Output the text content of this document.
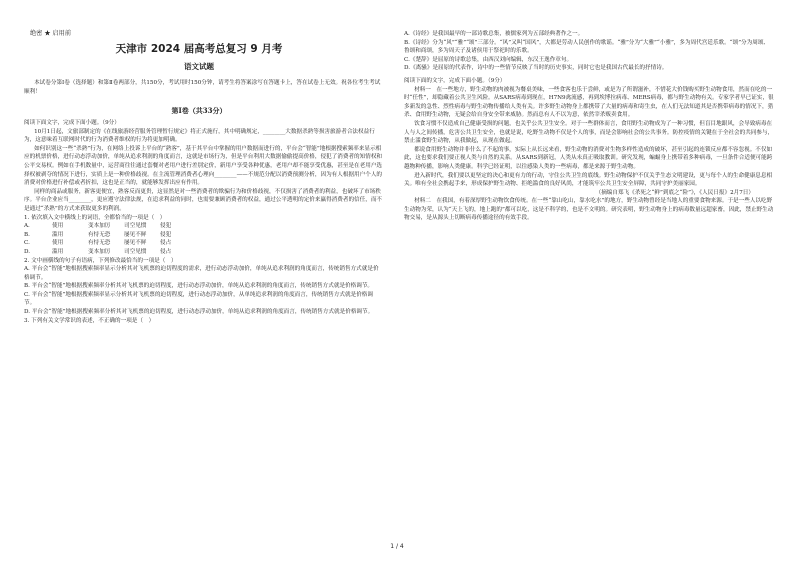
绝密 ★ 启用前
天津市 2024 届高考总复习 9 月考
语文试题

本试卷分第Ⅰ卷（选择题）和第Ⅱ卷两部分，共150分，考试用时150分钟，请考生将答案涂写在答题卡上，答在试卷上无效。祝各位考生考试顺利！

第Ⅰ卷（共33分）
阅读下面文字，完成下面小题。（9分）

10月1日起，文旅部制定的《在线旅游经营服务管理暂行规定》将正式施行，其中明确规定，________大数据杀熟等损害旅游者合法权益行为，这意味着互联网时代的行为消费者维权的行为将更加明确。

如何识别这一些“杀熟”行为，在网络上投诉上平台的“熟客”，基于其平台中掌握的用户数据而进行的，平台会“智能”地根据搜索频率来显示相应的机票价格，进行动态浮动加价，单纯从追求利润的角度而言，这就是市场行为，但是平台利用大数据偷偷提高价格，侵犯了消费者的知情权和公平交易权。例如在手机数量中，运营商往往通过套餐对老用户进行差别定价，新用户享受各种优惠，老用户却不能享受优惠，甚至是在老用户选择权被剥夺的情况下进行，实质上是一种价格歧视。在主流管理消费者心理向________——不规范分配以消费预测分析，因为有人根据用户个人的消费对价格进行补偿或者折扣，这也是正当的，就能够发挥出应有作用。

同样的商品或服务，新客更便宜，熟客反而更贵，这显然是对一些消费者的欺骗行为和价格歧视，不仅损害了消费者的利益，也破坏了市场秩序。平台企业应当________，更应遵守法律法规，在追求利益的同时，也需要兼顾消费者的权益，通过公平透明的定价来赢得消费者的信任，而不是通过“杀熟”的方式来获取更多的利润。

1. 依次填入文中横线上的词语，全都恰当的一项是（　）
A.	使用	变本加厉	司空见惯	侵犯
B.	滥用	有恃无恐	屡见不鲜	侵犯
C.	使用	有恃无恐	屡见不鲜	侵占
D.	滥用	变本加厉	司空见惯	侵占
2. 文中画横线的句子有语病，下列修改最恰当的一项是（　）
A. 平台会“智能”地根据搜索频率显示分析其对飞机票的迫切程度的需求，进行动态浮动加价，单纯从追求利润的角度而言，传统销售方式就是价格调节。
B. 平台会“智能”地根据搜索频率分析其对飞机票的迫切程度，进行动态浮动加价，单纯从追求利润的角度而言，传统销售方式就是价格调节。
C. 平台会“智能”地根据搜索频率显示分析其对飞机票的迫切程度，进行动态浮动加价，从单纯追求利润的角度而言，传统销售方式就是价格调节。
D. 平台会“智能”地根据搜索频率分析其对飞机票的迫切程度，进行动态浮动加价，单纯从追求利润的角度而言，传统销售方式就是价格调节。
3. 下列有关文学常识的表述，不正确的一项是（　）
A.《诗经》是我国最早的一部诗歌总集，被儒家列为五部经典著作之一。
B.《诗经》分为“风”“雅”“颂”三部分。“风”又叫“国风”，大都是劳动人民创作的歌谣。“雅”分为“大雅”“小雅”，多为周代宫廷乐歌。“颂”分为周颂、鲁颂和商颂，多为周天子及诸侯用于祭祀时的乐歌。
C.《楚辞》是屈原的诗歌总集，由西汉刘向编辑，东汉王逸作章句。
D.《离骚》是屈原的代表作，诗中的一些情节反映了当时的历史事实，同时它也是我国古代最长的抒情诗。
阅读下面的文字，完成下面小题。（9分）

材料一　在一些地方，野生动物的肉被视为餐桌美味，一些食客也乐于尝鲜，或是为了所谓滋补，不惜花大价钱购买野生动物食用，然而在吃的一时“任性”，却隐藏着公共卫生风险。从SARS病毒到现在，H7N9禽流感，再到埃博拉病毒、MERS病毒，都与野生动物有关。专家学者早已证实，很多新发的急性、烈性病毒与野生动物传播给人类有关。许多野生动物身上都携带了大量的病毒和寄生虫，在人们无法知道其是否携带病毒的情况下，猎杀、食用野生动物，无疑会给自身安全带来威胁。然而总有人不以为意，依然宰杀贩卖食用。

饮食习惯不仅造成自己健康受损的问题，也关乎公共卫生安全。对于一些群体而言，食用野生动物成为了一种习惯，但盲目地跟风，会导致病毒在人与人之间传播，危害公共卫生安全，也就是说，吃野生动物不仅是个人的事，而是会影响社会的公共事务。防控疫情的关键在于全社会的共同参与，禁止滥食野生动物，从我做起，从现在做起。

都说食用野生动物并非什么了不起的事，实际上从长远来看，野生动物的消费对生物多样性造成的破坏，甚至引起的连锁反应都不容忽视。不仅如此，这也要求我们要正视人类与自然的关系。从SARS到新冠，人类从未真正吸取教训。研究发现，蝙蝠身上携带着多种病毒，一旦条件合适便可能跨越物种传播，影响人类健康。科学已经证明，以往感染人类的一些病毒，都是来源于野生动物。

进入新时代，我们要以更坚定的决心和更有力的行动，守住公共卫生的底线。野生动物保护不仅关乎生态文明建设，更与每个人的生命健康息息相关。唯有全社会携起手来，形成保护野生动物、拒绝滥食的良好风尚，才能筑牢公共卫生安全屏障，共同守护美丽家园。

（摘编自郑飞《杀死之“鲜”到底之“险”》，《人民日报》2月7日）

材料二　在我国，有着深厚野生动物饮食传统。在一些“靠山吃山，靠水吃水”的地方，野生动物曾经是当地人的重要食物来源。于是一些人以吃野生动物为荣，认为“天上飞的，地上跑的”都可以吃，这是不科学的，也是不文明的。研究表明，野生动物身上的病毒数量远超家畜，因此，禁止野生动物交易，是从源头上切断病毒传播途径的有效手段。

1 / 4
